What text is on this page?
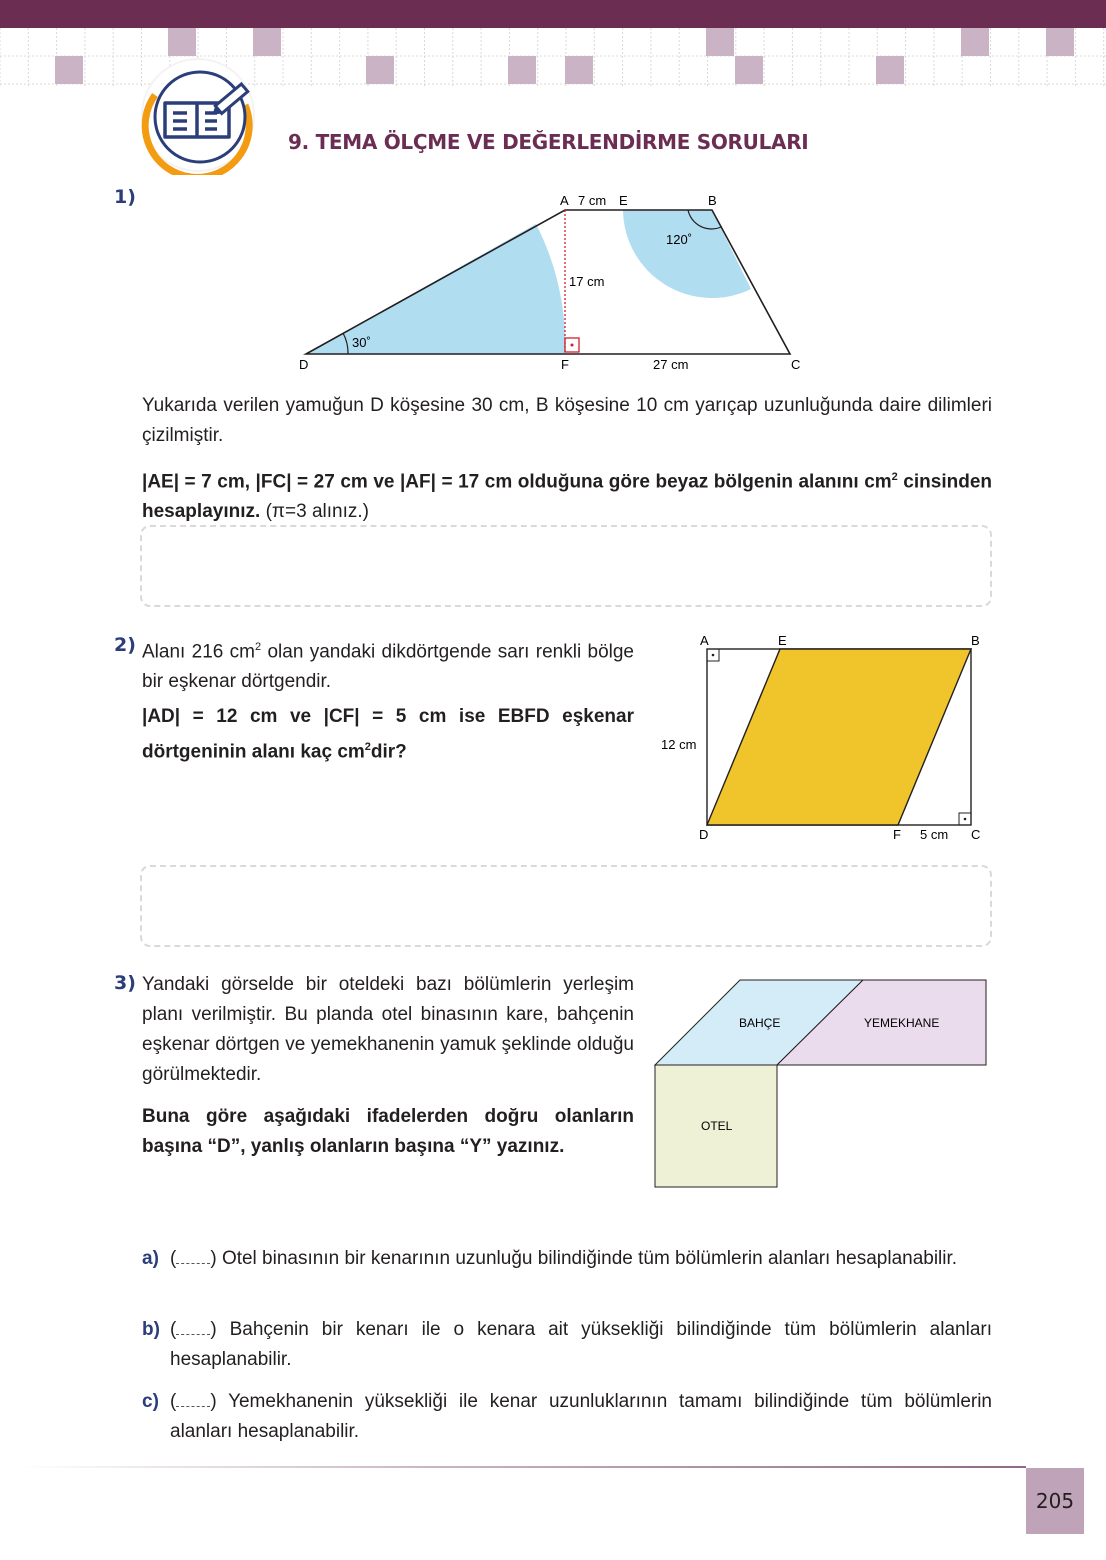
9. TEMA ÖLÇME VE DEĞERLENDİRME SORULARI
1)	A 7 cm E	B
D	F	C
17 cm
27 cm
30˚
120˚
Yukarıda verilen yamuğun D köşesine 30 cm, B köşesine 10 cm yarıçap uzunluğunda daire dilimleri çizilmiştir.
|AE| = 7 cm, |FC| = 27 cm ve |AF| = 17 cm olduğuna göre beyaz bölgenin alanını $cm^2$ cinsinden hesaplayınız. (π=3 alınız.)
2) Alanı 216 $cm^2$ olan yandaki dikdörtgende sarı renkli bölge bir eşkenar dörtgendir.
|AD| = 12 cm ve |CF| = 5 cm ise EBFD eşkenar dörtgeninin alanı kaç $cm^2dir$?
A	E	B
D	F	C
12 cm
5 cm
3) Yandaki görselde bir oteldeki bazı bölümlerin yerleşim planı verilmiştir. Bu planda otel binasının kare, bahçenin eşkenar dörtgen ve yemekhanenin yamuk şeklinde olduğu görülmektedir.
Buna göre aşağıdaki ifadelerden doğru olanların başına “D”, yanlış olanların başına “Y” yazınız.
BAHÇE	YEMEKHANE
OTEL
a) ( ) Otel binasının bir kenarının uzunluğu bilindiğinde tüm bölümlerin alanları hesaplanabilir.
b) ( ) Bahçenin bir kenarı ile o kenara ait yüksekliği bilindiğinde tüm bölümlerin alanları hesaplanabilir.
c) ( ) Yemekhanenin yüksekliği ile kenar uzunluklarının tamamı bilindiğinde tüm bölümlerin alanları hesaplanabilir.
205
